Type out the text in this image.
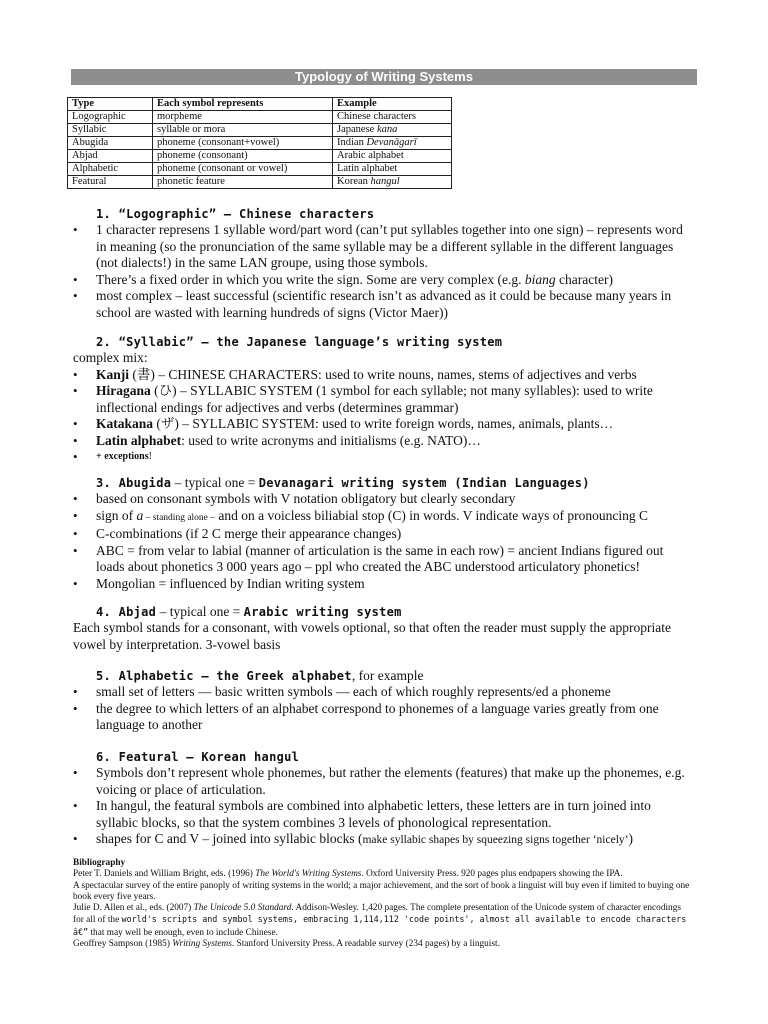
Typology of Writing Systems
Type	Each symbol represents	Example
Logographic	morpheme	Chinese characters
Syllabic	syllable or mora	Japanese kana
Abugida	phoneme (consonant+vowel)	Indian Devanāgarī
Abjad	phoneme (consonant)	Arabic alphabet
Alphabetic	phoneme (consonant or vowel)	Latin alphabet
Featural	phonetic feature	Korean hangul
1. “Logographic” – Chinese characters
• 1 character represens 1 syllable word/part word (can’t put syllables together into one sign) – represents word in meaning (so the pronunciation of the same syllable may be a different syllable in the different languages (not dialects!) in the same LAN groupe, using those symbols.
• There’s a fixed order in which you write the sign. Some are very complex (e.g. biang character)
• most complex – least successful (scientific research isn’t as advanced as it could be because many years in school are wasted with learning hundreds of signs (Victor Maer))
2. “Syllabic” – the Japanese language’s writing system

complex mix:

• Kanji (書) – CHINESE CHARACTERS: used to write nouns, names, stems of adjectives and verbs
• Hiragana (ひ) – SYLLABIC SYSTEM (1 symbol for each syllable; not many syllables): used to write inflectional endings for adjectives and verbs (determines grammar)
• Katakana (ザ) – SYLLABIC SYSTEM: used to write foreign words, names, animals, plants…
• Latin alphabet: used to write acronyms and initialisms (e.g. NATO)…
• + exceptions!
3. Abugida – typical one = Devanagari writing system (Indian Languages)
• based on consonant symbols with V notation obligatory but clearly secondary
• sign of a – standing alone – and on a voicless biliabial stop (C) in words. V indicate ways of pronouncing C
• C-combinations (if 2 C merge their appearance changes)
• ABC = from velar to labial (manner of articulation is the same in each row) = ancient Indians figured out loads about phonetics 3 000 years ago – ppl who created the ABC understood articulatory phonetics!
• Mongolian = influenced by Indian writing system
4. Abjad – typical one = Arabic writing system

Each symbol stands for a consonant, with vowels optional, so that often the reader must supply the appropriate vowel by interpretation. 3-vowel basis

5. Alphabetic – the Greek alphabet, for example
• small set of letters — basic written symbols — each of which roughly represents/ed a phoneme
• the degree to which letters of an alphabet correspond to phonemes of a language varies greatly from one language to another
6. Featural – Korean hangul
• Symbols don’t represent whole phonemes, but rather the elements (features) that make up the phonemes, e.g. voicing or place of articulation.
• In hangul, the featural symbols are combined into alphabetic letters, these letters are in turn joined into syllabic blocks, so that the system combines 3 levels of phonological representation.
• shapes for C and V – joined into syllabic blocks (make syllabic shapes by squeezing signs together ‘nicely’)
Bibliography
Peter T. Daniels and William Bright, eds. (1996) The World's Writing Systems. Oxford University Press. 920 pages plus endpapers showing the IPA.
A spectacular survey of the entire panoply of writing systems in the world; a major achievement, and the sort of book a linguist will buy even if limited to buying one book every five years.
Julie D. Allen et al., eds. (2007) The Unicode 5.0 Standard. Addison-Wesley. 1,420 pages. The complete presentation of the Unicode system of character encodings for all of the world's scripts and symbol systems, embracing 1,114,112 'code points', almost all available to encode characters â€” that may well be enough, even to include Chinese.
Geoffrey Sampson (1985) Writing Systems. Stanford University Press. A readable survey (234 pages) by a linguist.
